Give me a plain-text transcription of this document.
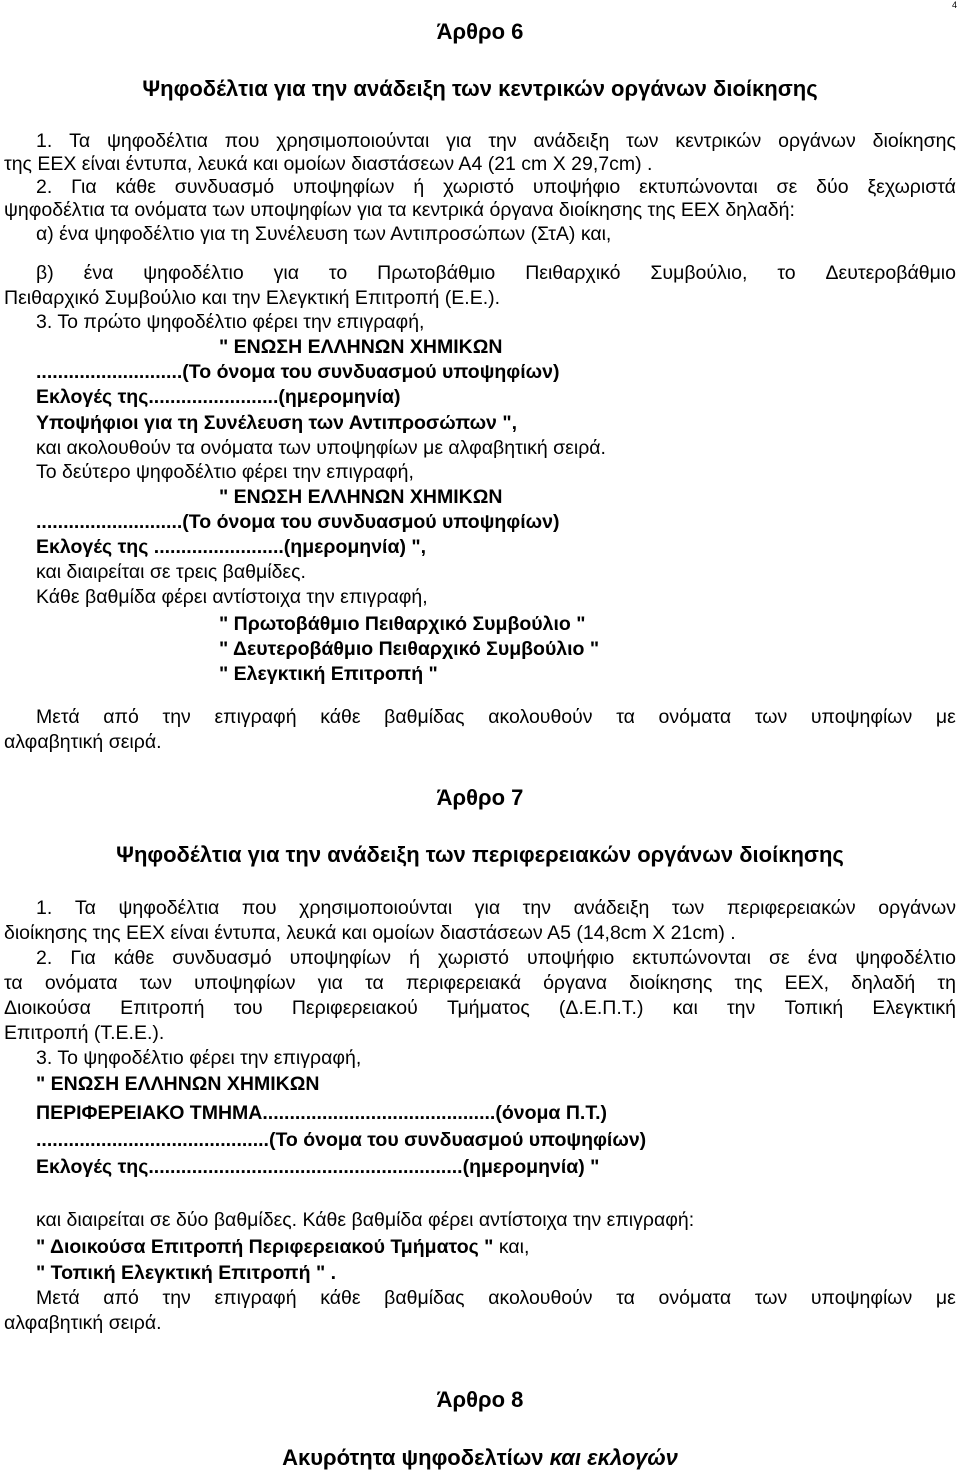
4
Άρθρο 6
Ψηφοδέλτια για την ανάδειξη των κεντρικών οργάνων διοίκησης
1. Τα ψηφοδέλτια που χρησιμοποιούνται για την ανάδειξη των κεντρικών οργάνων διοίκησης
της ΕΕΧ είναι έντυπα, λευκά και ομοίων διαστάσεων Α4 (21 cm X 29,7cm) .
2. Για κάθε συνδυασμό υποψηφίων ή χωριστό υποψήφιο εκτυπώνονται σε δύο ξεχωριστά
ψηφοδέλτια τα ονόματα των υποψηφίων για τα κεντρικά όργανα διοίκησης της ΕΕΧ δηλαδή:
α) ένα ψηφοδέλτιο για τη Συνέλευση των Αντιπροσώπων (ΣτΑ) και,
β) ένα ψηφοδέλτιο για το Πρωτοβάθμιο Πειθαρχικό Συμβούλιο, το Δευτεροβάθμιο
Πειθαρχικό Συμβούλιο και την Ελεγκτική Επιτροπή (Ε.Ε.).
3. Το πρώτο ψηφοδέλτιο φέρει την επιγραφή,
" ΕΝΩΣΗ ΕΛΛΗΝΩΝ ΧΗΜΙΚΩΝ
...........................(Το όνομα του συνδυασμού υποψηφίων)
Εκλογές της........................(ημερομηνία)
Υποψήφιοι για τη Συνέλευση των Αντιπροσώπων ",
και ακολουθούν τα ονόματα των υποψηφίων με αλφαβητική σειρά.
Το δεύτερο ψηφοδέλτιο φέρει την επιγραφή,
" ΕΝΩΣΗ ΕΛΛΗΝΩΝ ΧΗΜΙΚΩΝ
...........................(Το όνομα του συνδυασμού υποψηφίων)
Εκλογές της ........................(ημερομηνία) ",
και διαιρείται σε τρεις βαθμίδες.
Κάθε βαθμίδα φέρει αντίστοιχα την επιγραφή,
" Πρωτοβάθμιο Πειθαρχικό Συμβούλιο "
" Δευτεροβάθμιο Πειθαρχικό Συμβούλιο "
" Ελεγκτική Επιτροπή "
Μετά από την επιγραφή κάθε βαθμίδας ακολουθούν τα ονόματα των υποψηφίων με
αλφαβητική σειρά.
Άρθρο 7
Ψηφοδέλτια για την ανάδειξη των περιφερειακών οργάνων διοίκησης
1. Τα ψηφοδέλτια που χρησιμοποιούνται για την ανάδειξη των περιφερειακών οργάνων
διοίκησης της ΕΕΧ είναι έντυπα, λευκά και ομοίων διαστάσεων Α5 (14,8cm X 21cm) .
2. Για κάθε συνδυασμό υποψηφίων ή χωριστό υποψήφιο εκτυπώνονται σε ένα ψηφοδέλτιο
τα ονόματα των υποψηφίων για τα περιφερειακά όργανα διοίκησης της ΕΕΧ, δηλαδή τη
Διοικούσα Επιτροπή του Περιφερειακού Τμήματος (Δ.Ε.Π.Τ.) και την Τοπική Ελεγκτική
Επιτροπή (Τ.Ε.Ε.).
3. Το ψηφοδέλτιο φέρει την επιγραφή,
" ΕΝΩΣΗ ΕΛΛΗΝΩΝ ΧΗΜΙΚΩΝ
ΠΕΡΙΦΕΡΕΙΑΚΟ ΤΜΗΜΑ...........................................(όνομα Π.Τ.)
...........................................(Το όνομα του συνδυασμού υποψηφίων)
Εκλογές της..........................................................(ημερομηνία) "
και διαιρείται σε δύο βαθμίδες. Κάθε βαθμίδα φέρει αντίστοιχα την επιγραφή:
" Διοικούσα Επιτροπή Περιφερειακού Τμήματος " και,
" Τοπική Ελεγκτική Επιτροπή " .
Μετά από την επιγραφή κάθε βαθμίδας ακολουθούν τα ονόματα των υποψηφίων με
αλφαβητική σειρά.
Άρθρο 8
Ακυρότητα ψηφοδελτίων και εκλογών
